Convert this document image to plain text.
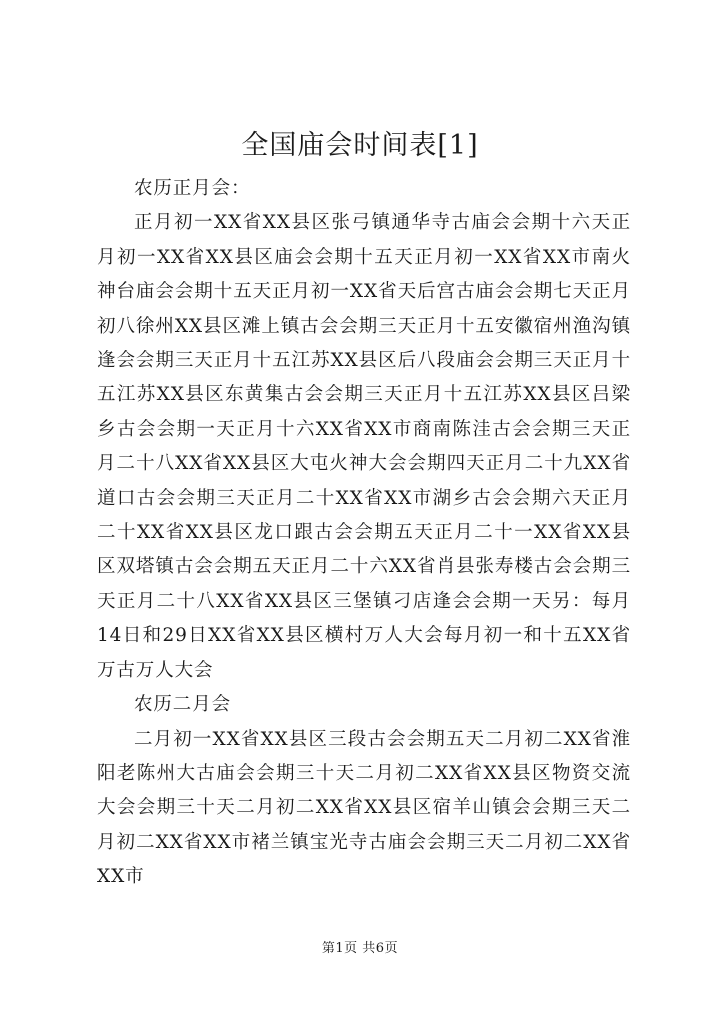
全国庙会时间表[1]

农历正月会：

正月初一XX省XX县区张弓镇通华寺古庙会会期十六天正月初一XX省XX县区庙会会期十五天正月初一XX省XX市南火神台庙会会期十五天正月初一XX省天后宫古庙会会期七天正月初八徐州XX县区滩上镇古会会期三天正月十五安徽宿州渔沟镇逢会会期三天正月十五江苏XX县区后八段庙会会期三天正月十五江苏XX县区东黄集古会会期三天正月十五江苏XX县区吕梁乡古会会期一天正月十六XX省XX市商南陈洼古会会期三天正月二十八XX省XX县区大屯火神大会会期四天正月二十九XX省道口古会会期三天正月二十XX省XX市湖乡古会会期六天正月二十XX省XX县区龙口跟古会会期五天正月二十一XX省XX县区双塔镇古会会期五天正月二十六XX省肖县张寿楼古会会期三天正月二十八XX省XX县区三堡镇刁店逢会会期一天另：每月14日和29日XX省XX县区横村万人大会每月初一和十五XX省万古万人大会

农历二月会

二月初一XX省XX县区三段古会会期五天二月初二XX省淮阳老陈州大古庙会会期三十天二月初二XX省XX县区物资交流大会会期三十天二月初二XX省XX县区宿羊山镇会会期三天二月初二XX省XX市褚兰镇宝光寺古庙会会期三天二月初二XX省XX市

第1页 共6页
